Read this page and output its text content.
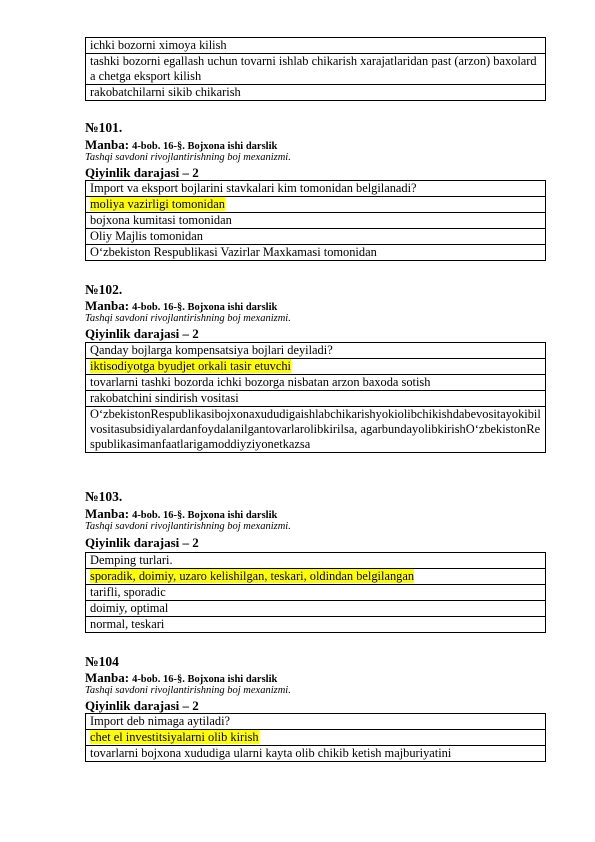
ichki bozorni ximoya kilish
tashki bozorni egallash uchun tovarni ishlab chikarish xarajatlaridan past (arzon) baxolarda chetga eksport kilish
rakobatchilarni sikib chikarish
№101.
Manba: 4-bob. 16-§. Bojxona ishi darslik
Tashqi savdoni rivojlantirishning boj mexanizmi.
Qiyinlik darajasi – 2
Import va eksport bojlarini stavkalari kim tomonidan belgilanadi?
moliya vazirligi tomonidan
bojxona kumitasi tomonidan
Oliy Majlis tomonidan
O‘zbekiston Respublikasi Vazirlar Maxkamasi tomonidan
№102.
Manba: 4-bob. 16-§. Bojxona ishi darslik
Tashqi savdoni rivojlantirishning boj mexanizmi.
Qiyinlik darajasi – 2
Qanday bojlarga kompensatsiya bojlari deyiladi?
iktisodiyotga byudjet orkali tasir etuvchi
tovarlarni tashki bozorda ichki bozorga nisbatan arzon baxoda sotish
rakobatchini sindirish vositasi
O‘zbekistonRespublikasibojxonaxududigaishlabchikarishyokiolibchikishdabevositayokibilvositasubsidiyalardanfoydalanilgantovarlarolibkirilsa, agarbundayolibkirishO‘zbekistonRespublikasimanfaatlarigamoddiyziyonetkazsa
№103.
Manba: 4-bob. 16-§. Bojxona ishi darslik
Tashqi savdoni rivojlantirishning boj mexanizmi.
Qiyinlik darajasi – 2
Demping turlari.
sporadik, doimiy, uzaro kelishilgan, teskari, oldindan belgilangan
tarifli, sporadic
doimiy, optimal
normal, teskari
№104
Manba: 4-bob. 16-§. Bojxona ishi darslik
Tashqi savdoni rivojlantirishning boj mexanizmi.
Qiyinlik darajasi – 2
Import deb nimaga aytiladi?
chet el investitsiyalarni olib kirish
tovarlarni bojxona xududiga ularni kayta olib chikib ketish majburiyatini
